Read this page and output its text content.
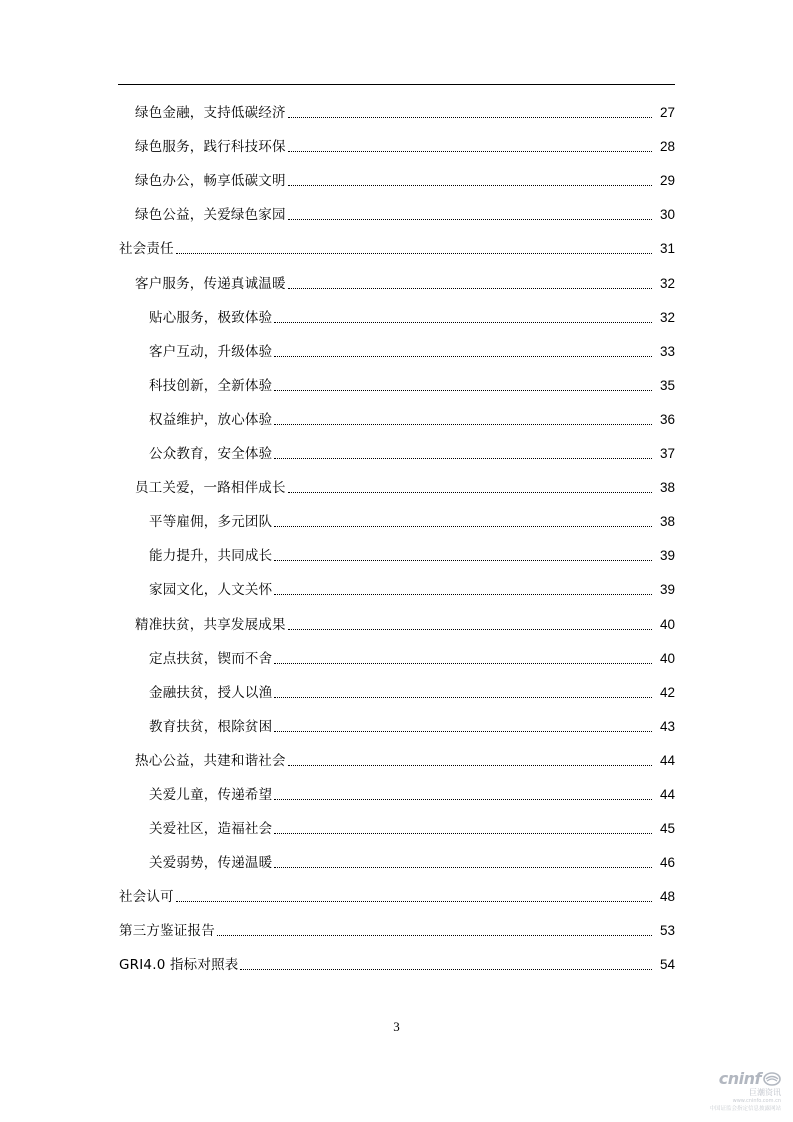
绿色金融，支持低碳经济	27
绿色服务，践行科技环保	28
绿色办公，畅享低碳文明	29
绿色公益，关爱绿色家园	30
社会责任	31
客户服务，传递真诚温暖	32
贴心服务，极致体验	32
客户互动，升级体验	33
科技创新，全新体验	35
权益维护，放心体验	36
公众教育，安全体验	37
员工关爱，一路相伴成长	38
平等雇佣，多元团队	38
能力提升，共同成长	39
家园文化，人文关怀	39
精准扶贫，共享发展成果	40
定点扶贫，锲而不舍	40
金融扶贫，授人以渔	42
教育扶贫，根除贫困	43
热心公益，共建和谐社会	44
关爱儿童，传递希望	44
关爱社区，造福社会	45
关爱弱势，传递温暖	46
社会认可	48
第三方鉴证报告	53
GRI4.0 指标对照表	54
3
cninf
巨潮资讯
www.cninfo.com.cn
中国证监会指定信息披露网站
